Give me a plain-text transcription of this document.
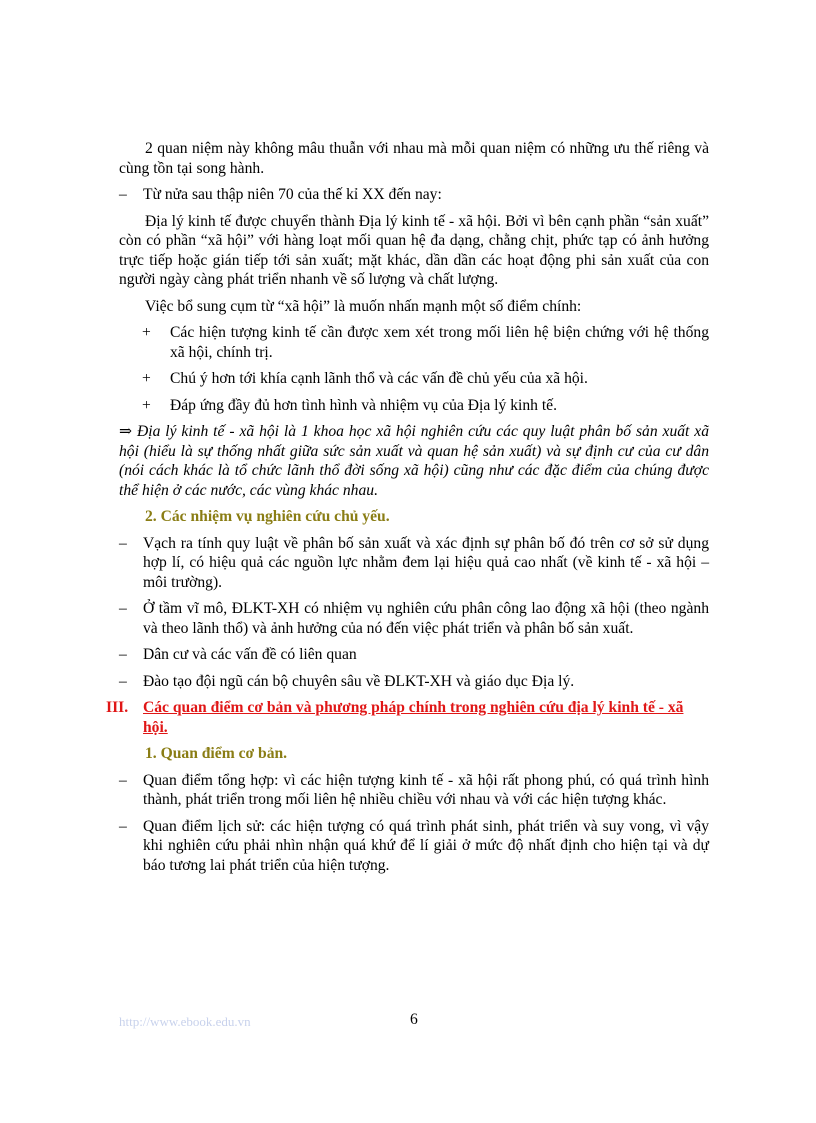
2 quan niệm này không mâu thuẫn với nhau mà mỗi quan niệm có những ưu thế riêng và cùng tồn tại song hành.

–	Từ nửa sau thập niên 70 của thế kỉ XX đến nay:

Địa lý kinh tế được chuyển thành Địa lý kinh tế - xã hội. Bởi vì bên cạnh phần “sản xuất” còn có phần “xã hội” với hàng loạt mối quan hệ đa dạng, chằng chịt, phức tạp có ảnh hưởng trực tiếp hoặc gián tiếp tới sản xuất; mặt khác, dần dần các hoạt động phi sản xuất của con người ngày càng phát triển nhanh về số lượng và chất lượng.

Việc bổ sung cụm từ “xã hội” là muốn nhấn mạnh một số điểm chính:

+	Các hiện tượng kinh tế cần được xem xét trong mối liên hệ biện chứng với hệ thống xã hội, chính trị.
+	Chú ý hơn tới khía cạnh lãnh thổ và các vấn đề chủ yếu của xã hội.
+	Đáp ứng đầy đủ hơn tình hình và nhiệm vụ của Địa lý kinh tế.

⇒ Địa lý kinh tế - xã hội là 1 khoa học xã hội nghiên cứu các quy luật phân bố sản xuất xã hội (hiểu là sự thống nhất giữa sức sản xuất và quan hệ sản xuất) và sự định cư của cư dân (nói cách khác là tổ chức lãnh thổ đời sống xã hội) cũng như các đặc điểm của chúng được thể hiện ở các nước, các vùng khác nhau.

2. Các nhiệm vụ nghiên cứu chủ yếu.
–	Vạch ra tính quy luật về phân bố sản xuất và xác định sự phân bố đó trên cơ sở sử dụng hợp lí, có hiệu quả các nguồn lực nhằm đem lại hiệu quả cao nhất (về kinh tế - xã hội – môi trường).
–	Ở tầm vĩ mô, ĐLKT-XH có nhiệm vụ nghiên cứu phân công lao động xã hội (theo ngành và theo lãnh thổ) và ảnh hưởng của nó đến việc phát triển và phân bố sản xuất.
–	Dân cư và các vấn đề có liên quan
–	Đào tạo đội ngũ cán bộ chuyên sâu về ĐLKT-XH và giáo dục Địa lý.
III. Các quan điểm cơ bản và phương pháp chính trong nghiên cứu địa lý kinh tế - xã hội.
1. Quan điểm cơ bản.
–	Quan điểm tổng hợp: vì các hiện tượng kinh tế - xã hội rất phong phú, có quá trình hình thành, phát triển trong mối liên hệ nhiều chiều với nhau và với các hiện tượng khác.
–	Quan điểm lịch sử: các hiện tượng có quá trình phát sinh, phát triển và suy vong, vì vậy khi nghiên cứu phải nhìn nhận quá khứ để lí giải ở mức độ nhất định cho hiện tại và dự báo tương lai phát triển của hiện tượng.
http://www.ebook.edu.vn	6
